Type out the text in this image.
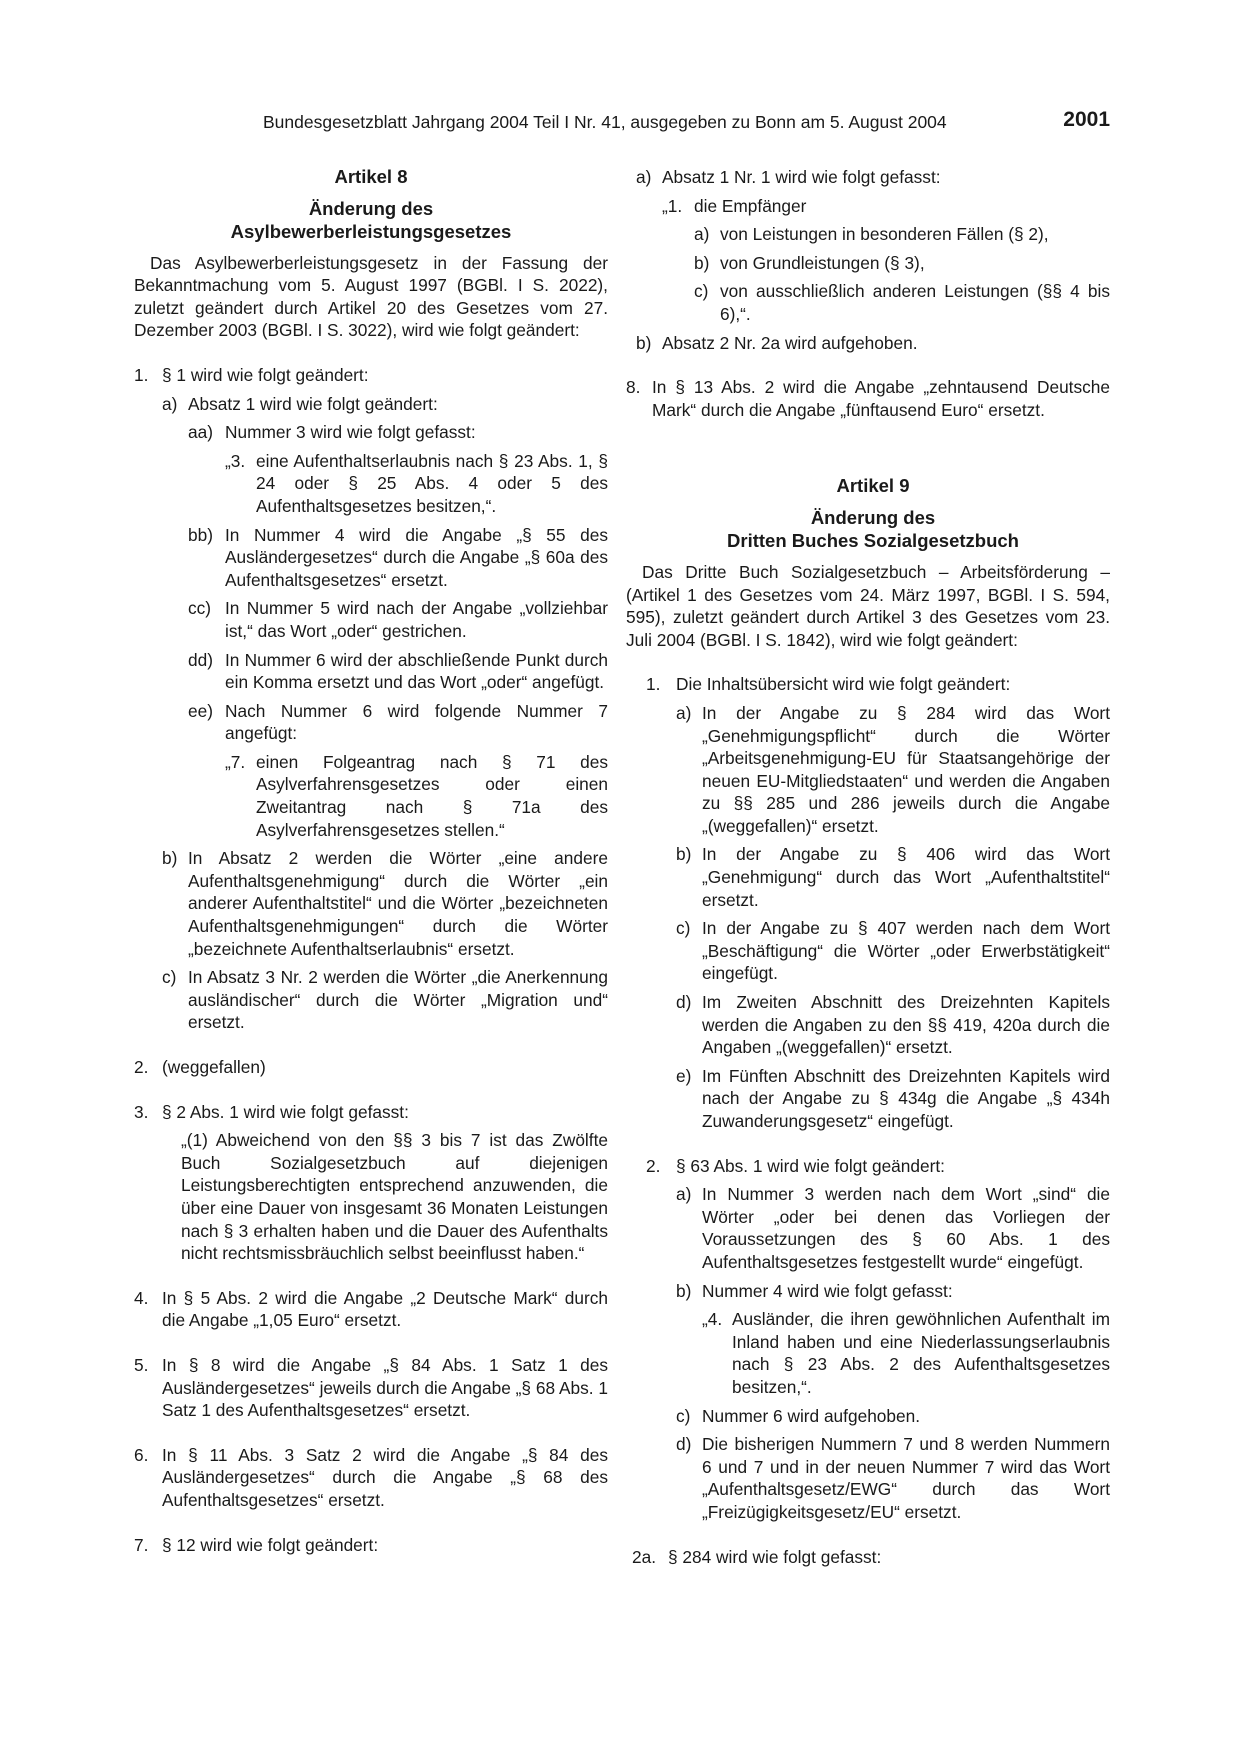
Bundesgesetzblatt Jahrgang 2004 Teil I Nr. 41, ausgegeben zu Bonn am 5. August 2004	2001
Artikel 8
Änderung des
Asylbewerberleistungsgesetzes

Das Asylbewerberleistungsgesetz in der Fassung der Bekanntmachung vom 5. August 1997 (BGBl. I S. 2022), zuletzt geändert durch Artikel 20 des Gesetzes vom 27. Dezember 2003 (BGBl. I S. 3022), wird wie folgt geändert:

1. § 1 wird wie folgt geändert:
a) Absatz 1 wird wie folgt geändert:
aa) Nummer 3 wird wie folgt gefasst:
„3. eine Aufenthaltserlaubnis nach § 23 Abs. 1, § 24 oder § 25 Abs. 4 oder 5 des Aufenthaltsgesetzes besitzen,“.
bb) In Nummer 4 wird die Angabe „§ 55 des Ausländergesetzes“ durch die Angabe „§ 60a des Aufenthaltsgesetzes“ ersetzt.
cc) In Nummer 5 wird nach der Angabe „vollziehbar ist,“ das Wort „oder“ gestrichen.
dd) In Nummer 6 wird der abschließende Punkt durch ein Komma ersetzt und das Wort „oder“ angefügt.
ee) Nach Nummer 6 wird folgende Nummer 7 angefügt:
„7. einen Folgeantrag nach § 71 des Asylverfahrensgesetzes oder einen Zweitantrag nach § 71a des Asylverfahrensgesetzes stellen.“
b) In Absatz 2 werden die Wörter „eine andere Aufenthaltsgenehmigung“ durch die Wörter „ein anderer Aufenthaltstitel“ und die Wörter „bezeichneten Aufenthaltsgenehmigungen“ durch die Wörter „bezeichnete Aufenthaltserlaubnis“ ersetzt.
c) In Absatz 3 Nr. 2 werden die Wörter „die Anerkennung ausländischer“ durch die Wörter „Migration und“ ersetzt.
2. (weggefallen)
3. § 2 Abs. 1 wird wie folgt gefasst:

„(1) Abweichend von den §§ 3 bis 7 ist das Zwölfte Buch Sozialgesetzbuch auf diejenigen Leistungsberechtigten entsprechend anzuwenden, die über eine Dauer von insgesamt 36 Monaten Leistungen nach § 3 erhalten haben und die Dauer des Aufenthalts nicht rechtsmissbräuchlich selbst beeinflusst haben.“

4. In § 5 Abs. 2 wird die Angabe „2 Deutsche Mark“ durch die Angabe „1,05 Euro“ ersetzt.
5. In § 8 wird die Angabe „§ 84 Abs. 1 Satz 1 des Ausländergesetzes“ jeweils durch die Angabe „§ 68 Abs. 1 Satz 1 des Aufenthaltsgesetzes“ ersetzt.
6. In § 11 Abs. 3 Satz 2 wird die Angabe „§ 84 des Ausländergesetzes“ durch die Angabe „§ 68 des Aufenthaltsgesetzes“ ersetzt.
7. § 12 wird wie folgt geändert:
a) Absatz 1 Nr. 1 wird wie folgt gefasst:
„1. die Empfänger
a) von Leistungen in besonderen Fällen (§ 2),
b) von Grundleistungen (§ 3),
c) von ausschließlich anderen Leistungen (§§ 4 bis 6),“.
b) Absatz 2 Nr. 2a wird aufgehoben.
8. In § 13 Abs. 2 wird die Angabe „zehntausend Deutsche Mark“ durch die Angabe „fünftausend Euro“ ersetzt.
Artikel 9
Änderung des
Dritten Buches Sozialgesetzbuch

Das Dritte Buch Sozialgesetzbuch – Arbeitsförderung – (Artikel 1 des Gesetzes vom 24. März 1997, BGBl. I S. 594, 595), zuletzt geändert durch Artikel 3 des Gesetzes vom 23. Juli 2004 (BGBl. I S. 1842), wird wie folgt geändert:

1. Die Inhaltsübersicht wird wie folgt geändert:
a) In der Angabe zu § 284 wird das Wort „Genehmigungspflicht“ durch die Wörter „Arbeitsgenehmigung-EU für Staatsangehörige der neuen EU-Mitgliedstaaten“ und werden die Angaben zu §§ 285 und 286 jeweils durch die Angabe „(weggefallen)“ ersetzt.
b) In der Angabe zu § 406 wird das Wort „Genehmigung“ durch das Wort „Aufenthaltstitel“ ersetzt.
c) In der Angabe zu § 407 werden nach dem Wort „Beschäftigung“ die Wörter „oder Erwerbstätigkeit“ eingefügt.
d) Im Zweiten Abschnitt des Dreizehnten Kapitels werden die Angaben zu den §§ 419, 420a durch die Angaben „(weggefallen)“ ersetzt.
e) Im Fünften Abschnitt des Dreizehnten Kapitels wird nach der Angabe zu § 434g die Angabe „§ 434h Zuwanderungsgesetz“ eingefügt.
2. § 63 Abs. 1 wird wie folgt geändert:
a) In Nummer 3 werden nach dem Wort „sind“ die Wörter „oder bei denen das Vorliegen der Voraussetzungen des § 60 Abs. 1 des Aufenthaltsgesetzes festgestellt wurde“ eingefügt.
b) Nummer 4 wird wie folgt gefasst:
„4. Ausländer, die ihren gewöhnlichen Aufenthalt im Inland haben und eine Niederlassungserlaubnis nach § 23 Abs. 2 des Aufenthaltsgesetzes besitzen,“.
c) Nummer 6 wird aufgehoben.
d) Die bisherigen Nummern 7 und 8 werden Nummern 6 und 7 und in der neuen Nummer 7 wird das Wort „Aufenthaltsgesetz/EWG“ durch das Wort „Freizügigkeitsgesetz/EU“ ersetzt.
2a. § 284 wird wie folgt gefasst:
